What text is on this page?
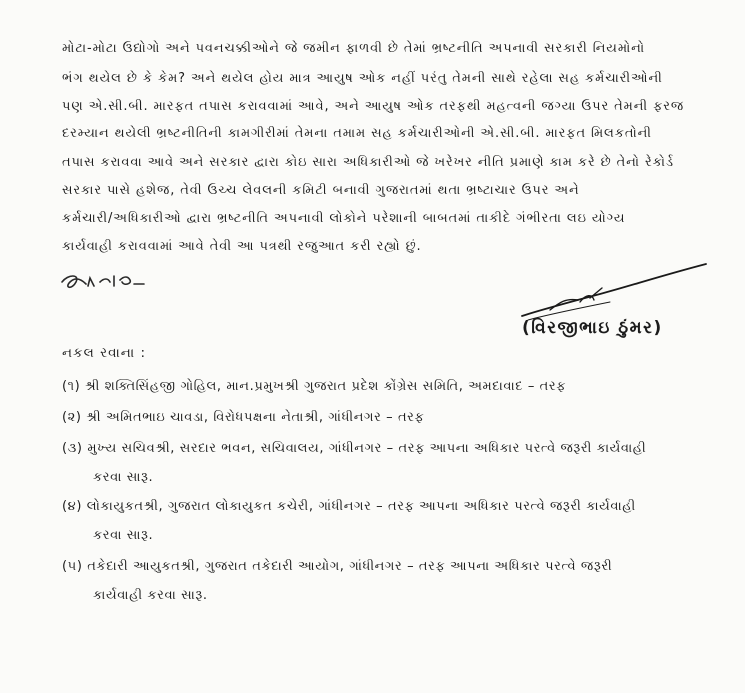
મોટા-મોટા ઉદ્યોગો અને પવનચક્કીઓને જે જમીન ફાળવી છે તેમાં ભ્રષ્ટનીતિ અપનાવી સરકારી નિયમોનો
ભંગ થયેલ છે કે કેમ? અને થયેલ હોય માત્ર આયુષ ઓક નહીં પરંતુ તેમની સાથે રહેલા સહ કર્મચારીઓની
પણ એ.સી.બી. મારફત તપાસ કરાવવામાં આવે, અને આયુષ ઓક તરફથી મહત્વની જગ્યા ઉપર તેમની ફરજ
દરમ્યાન થયેલી ભ્રષ્ટનીતિની કામગીરીમાં તેમના તમામ સહ કર્મચારીઓની એ.સી.બી. મારફત મિલકતોની
તપાસ કરાવવા આવે અને સરકાર દ્વારા કોઇ સારા અધિકારીઓ જે ખરેખર નીતિ પ્રમાણે કામ કરે છે તેનો રેકોર્ડ
સરકાર પાસે હશેજ, તેવી ઉચ્ચ લેવલની કમિટી બનાવી ગુજરાતમાં થતા ભ્રષ્ટાચાર ઉપર અને
કર્મચારી/અધિકારીઓ દ્વારા ભ્રષ્ટનીતિ અપનાવી લોકોને પરેશાની બાબતમાં તાકીદે ગંભીરતા લઇ યોગ્ય
કાર્યવાહી કરાવવામાં આવે તેવી આ પત્રથી રજુઆત કરી રહ્યો છું.
(વિરજીભાઇ ઠુંમર)
નકલ રવાના :
(૧) શ્રી શક્તિસિંહજી ગોહિલ, માન.પ્રમુખશ્રી ગુજરાત પ્રદેશ કોંગ્રેસ સમિતિ, અમદાવાદ – તરફ
(૨) શ્રી અમિતભાઇ ચાવડા, વિરોધપક્ષના નેતાશ્રી, ગાંધીનગર – તરફ
(૩) મુખ્ય સચિવશ્રી, સરદાર ભવન, સચિવાલય, ગાંધીનગર – તરફ આપના અધિકાર પરત્વે જરૂરી કાર્યવાહી
કરવા સારૂ.
(૪) લોકાયુકતશ્રી, ગુજરાત લોકાયુકત કચેરી, ગાંધીનગર – તરફ આપના અધિકાર પરત્વે જરૂરી કાર્યવાહી
કરવા સારૂ.
(૫) તકેદારી આયુકતશ્રી, ગુજરાત તકેદારી આયોગ, ગાંધીનગર – તરફ આપના અધિકાર પરત્વે જરૂરી
કાર્યવાહી કરવા સારૂ.
